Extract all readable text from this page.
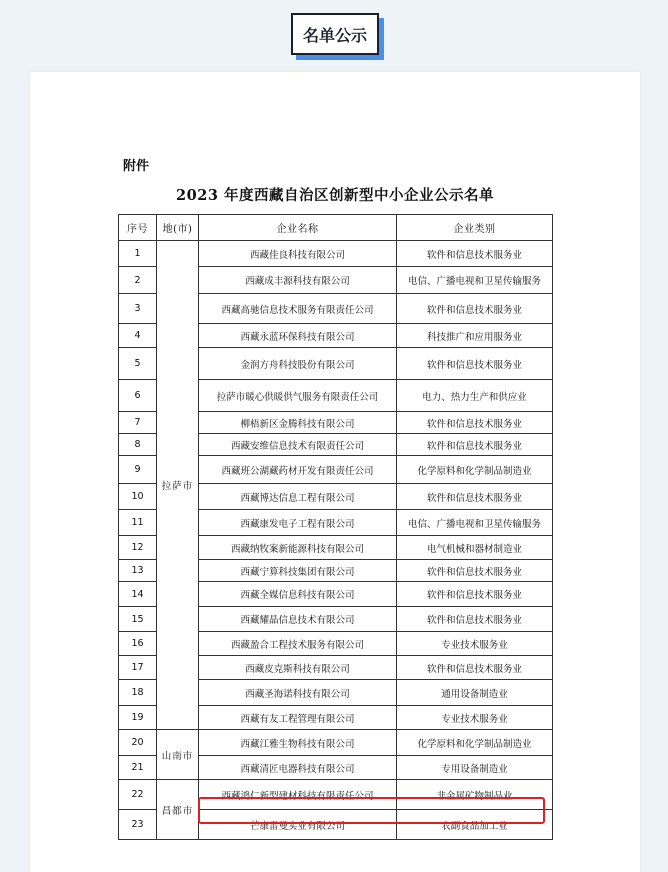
名单公示
附件
2023 年度西藏自治区创新型中小企业公示名单
序号	地(市)	企业名称	企业类别
1	拉萨市	西藏佳良科技有限公司	软件和信息技术服务业
2		西藏成丰源科技有限公司	电信、广播电视和卫星传输服务
3		西藏高驰信息技术服务有限责任公司	软件和信息技术服务业
4		西藏永蓝环保科技有限公司	科技推广和应用服务业
5		金润方舟科技股份有限公司	软件和信息技术服务业
6		拉萨市暖心供暖供气服务有限责任公司	电力、热力生产和供应业
7		柳梧新区金腾科技有限公司	软件和信息技术服务业
8		西藏安维信息技术有限责任公司	软件和信息技术服务业
9		西藏班公湖藏药材开发有限责任公司	化学原料和化学制品制造业
10		西藏博达信息工程有限公司	软件和信息技术服务业
11		西藏康发电子工程有限公司	电信、广播电视和卫星传输服务
12		西藏纳牧案新能源科技有限公司	电气机械和器材制造业
13		西藏宁算科技集团有限公司	软件和信息技术服务业
14		西藏全媒信息科技有限公司	软件和信息技术服务业
15		西藏耀晶信息技术有限公司	软件和信息技术服务业
16		西藏盈合工程技术服务有限公司	专业技术服务业
17		西藏皮克斯科技有限公司	软件和信息技术服务业
18		西藏圣海诺科技有限公司	通用设备制造业
19		西藏有友工程管理有限公司	专业技术服务业
20	山南市	西藏江雅生物科技有限公司	化学原料和化学制品制造业
21		西藏清匠电器科技有限公司	专用设备制造业
22	昌都市	西藏鸿仁新型建材科技有限责任公司	非金属矿物制品业
23		芒康雷曼实业有限公司	农副食品加工业
